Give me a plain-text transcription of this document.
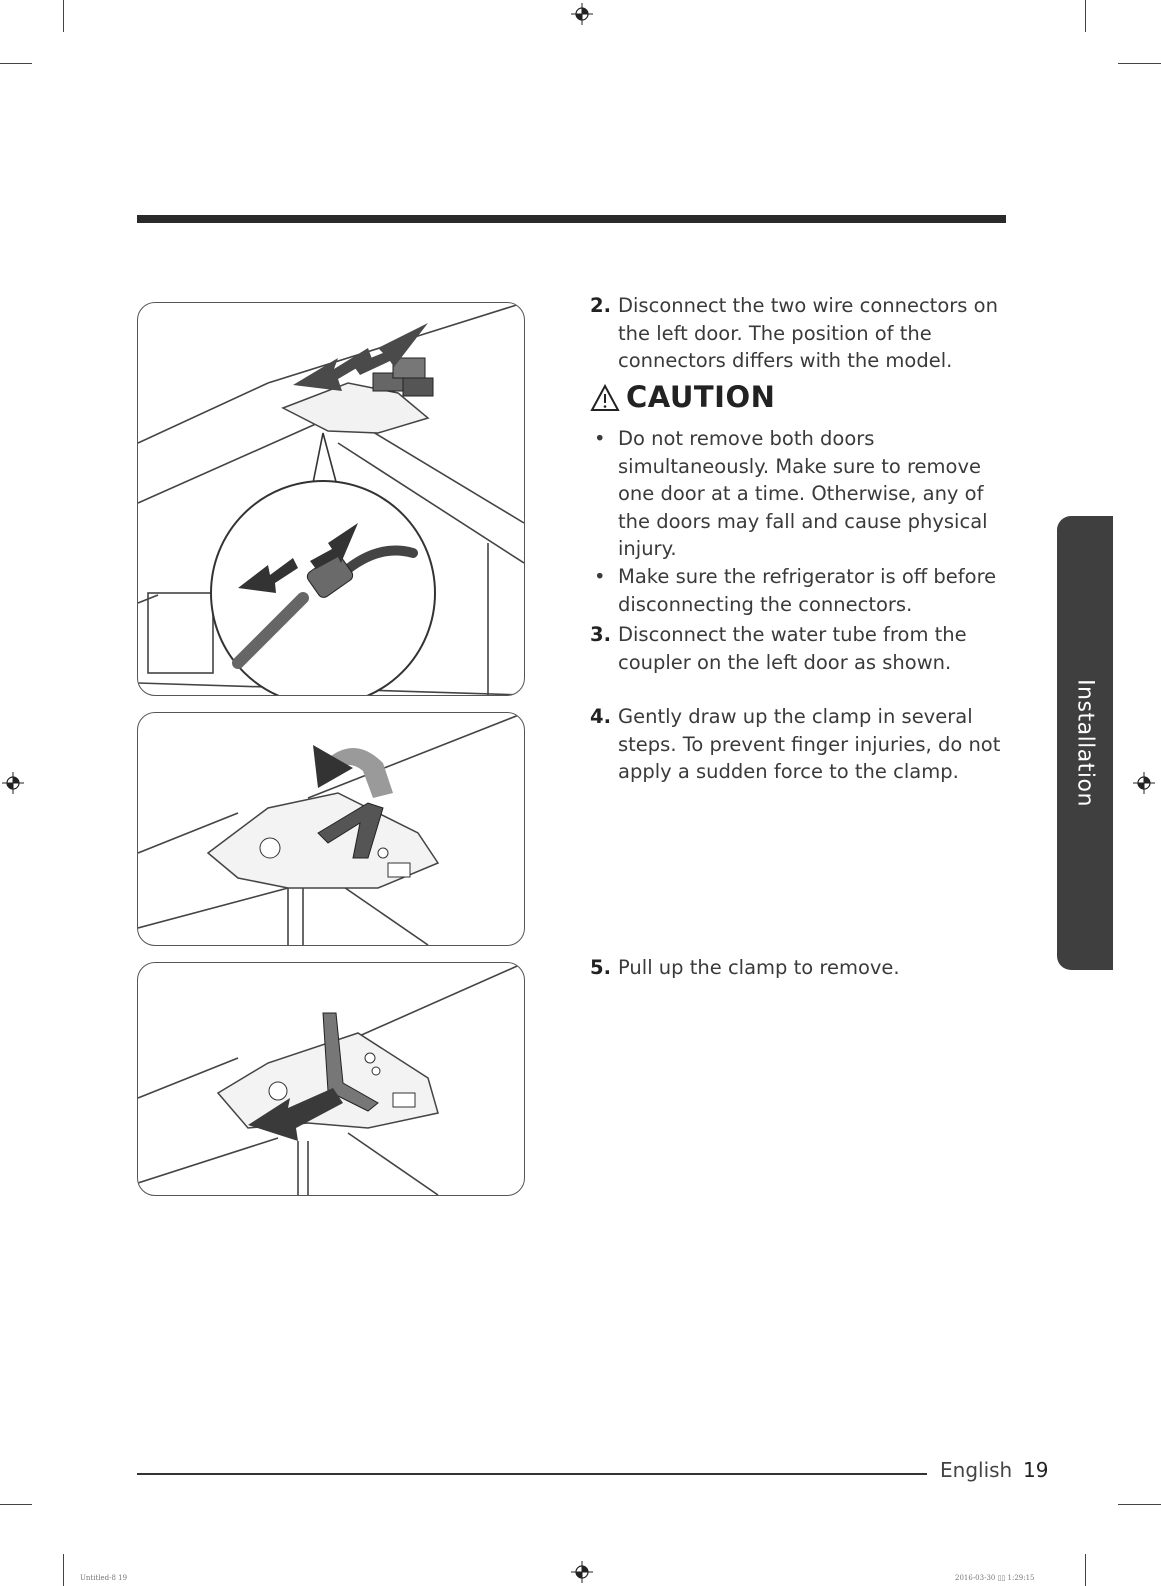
2. Disconnect the two wire connectors on the left door. The position of the connectors differs with the model.
CAUTION
• Do not remove both doors simultaneously. Make sure to remove one door at a time. Otherwise, any of the doors may fall and cause physical injury.
• Make sure the refrigerator is off before disconnecting the connectors.
3. Disconnect the water tube from the coupler on the left door as shown.
4. Gently draw up the clamp in several steps. To prevent finger injuries, do not apply a sudden force to the clamp.
5. Pull up the clamp to remove.
Installation
English 19
Untitled-8 19	2016-03-30 ▯▯ 1:29:15
